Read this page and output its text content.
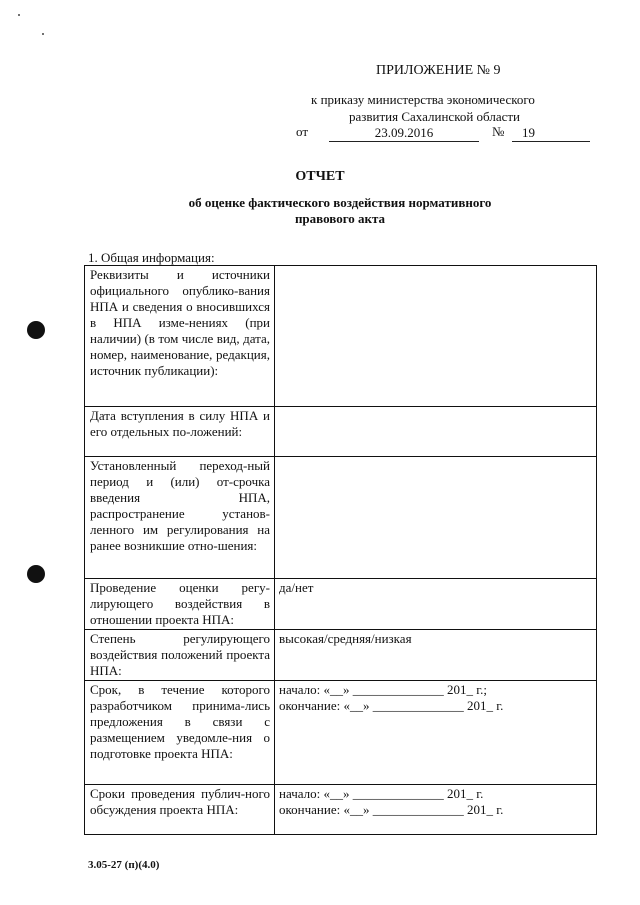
ПРИЛОЖЕНИЕ № 9
к приказу министерства экономического
развития Сахалинской области
от	23.09.2016	№	19
ОТЧЕТ
об оценке фактического воздействия нормативного
правового акта
1. Общая информация:
Реквизиты и источники официального опублико-вания НПА и сведения о вносившихся в НПА изме-нениях (при наличии) (в том числе вид, дата, номер, наименование, редакция, источник публикации):	
Дата вступления в силу НПА и его отдельных по-ложений:	
Установленный переход-ный период и (или) от-срочка введения НПА, распространение установ-ленного им регулирования на ранее возникшие отно-шения:	
Проведение оценки регу-лирующего воздействия в отношении проекта НПА:	да/нет
Степень регулирующего воздействия положений проекта НПА:	высокая/средняя/низкая
Срок, в течение которого разработчиком принима-лись предложения в связи с размещением уведомле-ния о подготовке проекта НПА:	начало: «__» ______________ 201_ г.;
окончание: «__» ______________ 201_ г.

Сроки проведения публич-ного обсуждения проекта НПА:	начало: «__» ______________ 201_ г.
окончание: «__» ______________ 201_ г.
3.05-27 (п)(4.0)
